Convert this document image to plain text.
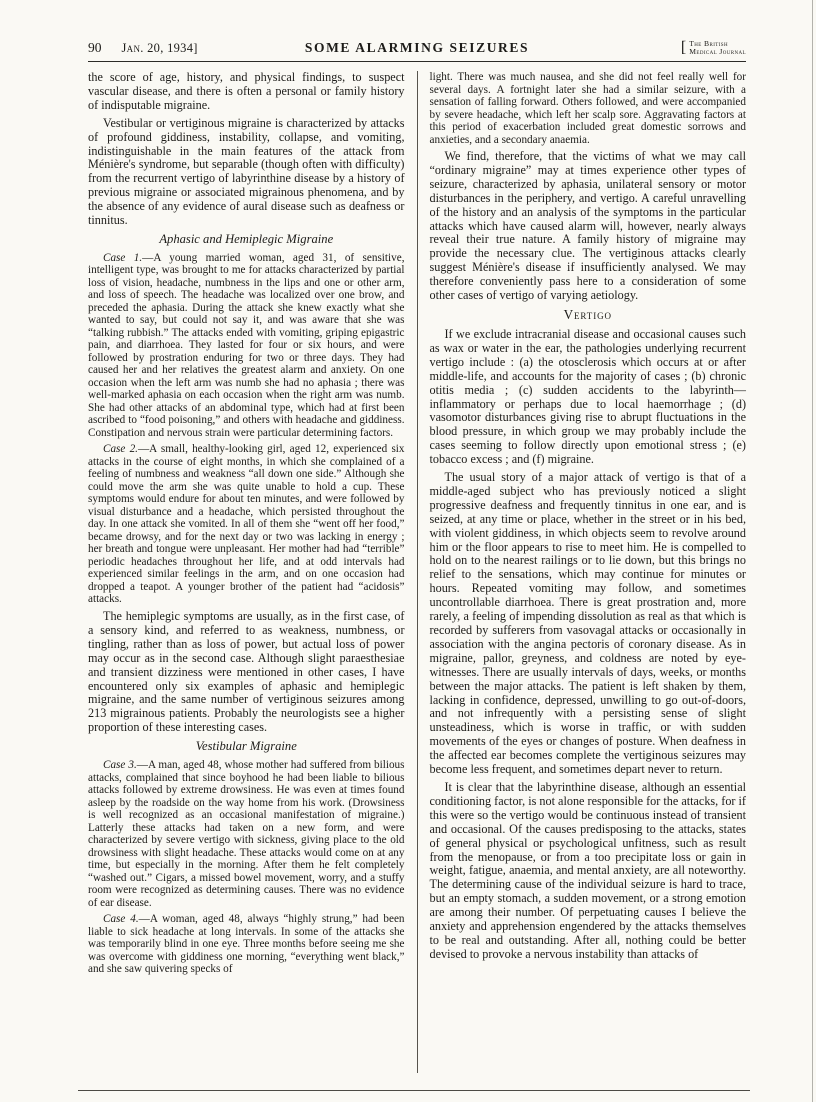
90 Jan. 20, 1934]	SOME ALARMING SEIZURES	[ The British
Medical Journal

the score of age, history, and physical findings, to suspect vascular disease, and there is often a personal or family history of indisputable migraine.

Vestibular or vertiginous migraine is characterized by attacks of profound giddiness, instability, collapse, and vomiting, indistinguishable in the main features of the attack from Ménière's syndrome, but separable (though often with difficulty) from the recurrent vertigo of labyrinthine disease by a history of previous migraine or associated migrainous phenomena, and by the absence of any evidence of aural disease such as deafness or tinnitus.

Aphasic and Hemiplegic Migraine

Case 1.—A young married woman, aged 31, of sensitive, intelligent type, was brought to me for attacks characterized by partial loss of vision, headache, numbness in the lips and one or other arm, and loss of speech. The headache was localized over one brow, and preceded the aphasia. During the attack she knew exactly what she wanted to say, but could not say it, and was aware that she was “talking rubbish.” The attacks ended with vomiting, griping epigastric pain, and diarrhoea. They lasted for four or six hours, and were followed by prostration enduring for two or three days. They had caused her and her relatives the greatest alarm and anxiety. On one occasion when the left arm was numb she had no aphasia ; there was well-marked aphasia on each occasion when the right arm was numb. She had other attacks of an abdominal type, which had at first been ascribed to “food poisoning,” and others with headache and giddiness. Constipation and nervous strain were particular determining factors.

Case 2.—A small, healthy-looking girl, aged 12, experienced six attacks in the course of eight months, in which she complained of a feeling of numbness and weakness “all down one side.” Although she could move the arm she was quite unable to hold a cup. These symptoms would endure for about ten minutes, and were followed by visual disturbance and a headache, which persisted throughout the day. In one attack she vomited. In all of them she “went off her food,” became drowsy, and for the next day or two was lacking in energy ; her breath and tongue were unpleasant. Her mother had had “terrible” periodic headaches throughout her life, and at odd intervals had experienced similar feelings in the arm, and on one occasion had dropped a teapot. A younger brother of the patient had “acidosis” attacks.

The hemiplegic symptoms are usually, as in the first case, of a sensory kind, and referred to as weakness, numbness, or tingling, rather than as loss of power, but actual loss of power may occur as in the second case. Although slight paraesthesiae and transient dizziness were mentioned in other cases, I have encountered only six examples of aphasic and hemiplegic migraine, and the same number of vertiginous seizures among 213 migrainous patients. Probably the neurologists see a higher proportion of these interesting cases.

Vestibular Migraine

Case 3.—A man, aged 48, whose mother had suffered from bilious attacks, complained that since boyhood he had been liable to bilious attacks followed by extreme drowsiness. He was even at times found asleep by the roadside on the way home from his work. (Drowsiness is well recognized as an occasional manifestation of migraine.) Latterly these attacks had taken on a new form, and were characterized by severe vertigo with sickness, giving place to the old drowsiness with slight headache. These attacks would come on at any time, but especially in the morning. After them he felt completely “washed out.” Cigars, a missed bowel movement, worry, and a stuffy room were recognized as determining causes. There was no evidence of ear disease.

Case 4.—A woman, aged 48, always “highly strung,” had been liable to sick headache at long intervals. In some of the attacks she was temporarily blind in one eye. Three months before seeing me she was overcome with giddiness one morning, “everything went black,” and she saw quivering specks of

light. There was much nausea, and she did not feel really well for several days. A fortnight later she had a similar seizure, with a sensation of falling forward. Others followed, and were accompanied by severe headache, which left her scalp sore. Aggravating factors at this period of exacerbation included great domestic sorrows and anxieties, and a secondary anaemia.

We find, therefore, that the victims of what we may call “ordinary migraine” may at times experience other types of seizure, characterized by aphasia, unilateral sensory or motor disturbances in the periphery, and vertigo. A careful unravelling of the history and an analysis of the symptoms in the particular attacks which have caused alarm will, however, nearly always reveal their true nature. A family history of migraine may provide the necessary clue. The vertiginous attacks clearly suggest Ménière's disease if insufficiently analysed. We may therefore conveniently pass here to a consideration of some other cases of vertigo of varying aetiology.

Vertigo

If we exclude intracranial disease and occasional causes such as wax or water in the ear, the pathologies underlying recurrent vertigo include : (a) the otosclerosis which occurs at or after middle-life, and accounts for the majority of cases ; (b) chronic otitis media ; (c) sudden accidents to the labyrinth—inflammatory or perhaps due to local haemorrhage ; (d) vasomotor disturbances giving rise to abrupt fluctuations in the blood pressure, in which group we may probably include the cases seeming to follow directly upon emotional stress ; (e) tobacco excess ; and (f) migraine.

The usual story of a major attack of vertigo is that of a middle-aged subject who has previously noticed a slight progressive deafness and frequently tinnitus in one ear, and is seized, at any time or place, whether in the street or in his bed, with violent giddiness, in which objects seem to revolve around him or the floor appears to rise to meet him. He is compelled to hold on to the nearest railings or to lie down, but this brings no relief to the sensations, which may continue for minutes or hours. Repeated vomiting may follow, and sometimes uncontrollable diarrhoea. There is great prostration and, more rarely, a feeling of impending dissolution as real as that which is recorded by sufferers from vasovagal attacks or occasionally in association with the angina pectoris of coronary disease. As in migraine, pallor, greyness, and coldness are noted by eye-witnesses. There are usually intervals of days, weeks, or months between the major attacks. The patient is left shaken by them, lacking in confidence, depressed, unwilling to go out-of-doors, and not infrequently with a persisting sense of slight unsteadiness, which is worse in traffic, or with sudden movements of the eyes or changes of posture. When deafness in the affected ear becomes complete the vertiginous seizures may become less frequent, and sometimes depart never to return.

It is clear that the labyrinthine disease, although an essential conditioning factor, is not alone responsible for the attacks, for if this were so the vertigo would be continuous instead of transient and occasional. Of the causes predisposing to the attacks, states of general physical or psychological unfitness, such as result from the menopause, or from a too precipitate loss or gain in weight, fatigue, anaemia, and mental anxiety, are all noteworthy. The determining cause of the individual seizure is hard to trace, but an empty stomach, a sudden movement, or a strong emotion are among their number. Of perpetuating causes I believe the anxiety and apprehension engendered by the attacks themselves to be real and outstanding. After all, nothing could be better devised to provoke a nervous instability than attacks of
